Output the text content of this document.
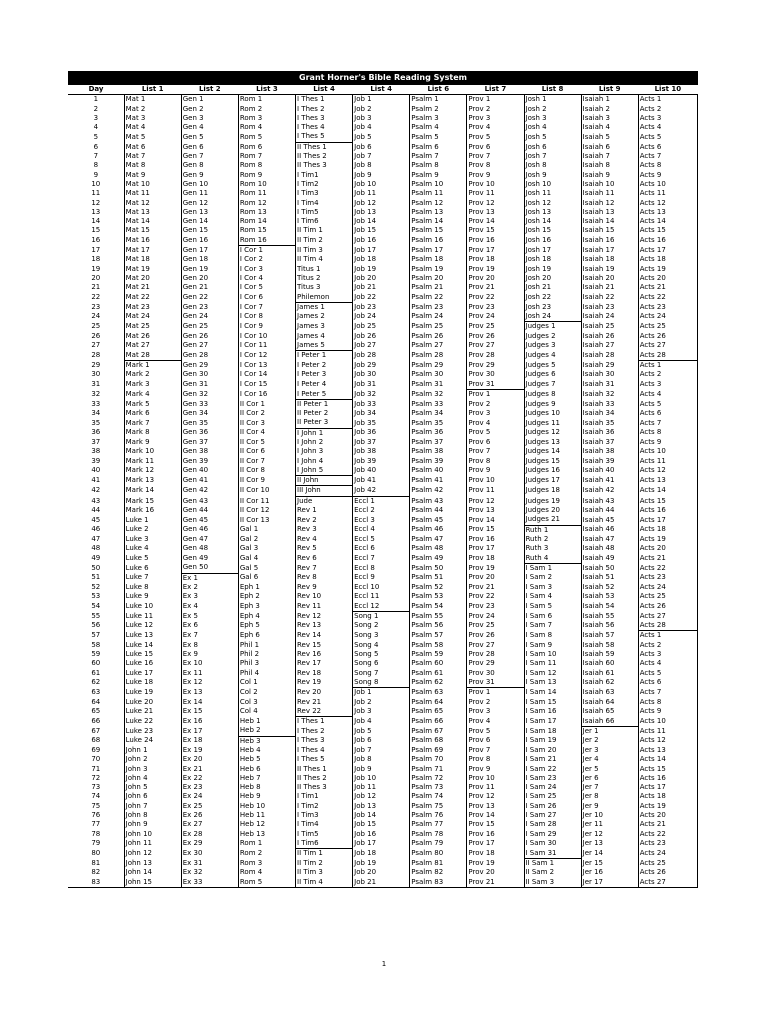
Grant Horner's Bible Reading System
Day	List 1	List 2	List 3	List 4	List 4	List 6	List 7	List 8	List 9	List 10
1	Mat 1	Gen 1	Rom 1	I Thes 1	Job 1	Psalm 1	Prov 1	Josh 1	Isaiah 1	Acts 1
2	Mat 2	Gen 2	Rom 2	I Thes 2	Job 2	Psalm 2	Prov 2	Josh 2	Isaiah 2	Acts 2
3	Mat 3	Gen 3	Rom 3	I Thes 3	Job 3	Psalm 3	Prov 3	Josh 3	Isaiah 3	Acts 3
4	Mat 4	Gen 4	Rom 4	I Thes 4	Job 4	Psalm 4	Prov 4	Josh 4	Isaiah 4	Acts 4
5	Mat 5	Gen 5	Rom 5	I Thes 5	Job 5	Psalm 5	Prov 5	Josh 5	Isaiah 5	Acts 5
6	Mat 6	Gen 6	Rom 6	II Thes 1	Job 6	Psalm 6	Prov 6	Josh 6	Isaiah 6	Acts 6
7	Mat 7	Gen 7	Rom 7	II Thes 2	Job 7	Psalm 7	Prov 7	Josh 7	Isaiah 7	Acts 7
8	Mat 8	Gen 8	Rom 8	II Thes 3	Job 8	Psalm 8	Prov 8	Josh 8	Isaiah 8	Acts 8
9	Mat 9	Gen 9	Rom 9	I Tim1	Job 9	Psalm 9	Prov 9	Josh 9	Isaiah 9	Acts 9
10	Mat 10	Gen 10	Rom 10	I Tim2	Job 10	Psalm 10	Prov 10	Josh 10	Isaiah 10	Acts 10
11	Mat 11	Gen 11	Rom 11	I Tim3	Job 11	Psalm 11	Prov 11	Josh 11	Isaiah 11	Acts 11
12	Mat 12	Gen 12	Rom 12	I Tim4	Job 12	Psalm 12	Prov 12	Josh 12	Isaiah 12	Acts 12
13	Mat 13	Gen 13	Rom 13	I Tim5	Job 13	Psalm 13	Prov 13	Josh 13	Isaiah 13	Acts 13
14	Mat 14	Gen 14	Rom 14	I Tim6	Job 14	Psalm 14	Prov 14	Josh 14	Isaiah 14	Acts 14
15	Mat 15	Gen 15	Rom 15	II Tim 1	Job 15	Psalm 15	Prov 15	Josh 15	Isaiah 15	Acts 15
16	Mat 16	Gen 16	Rom 16	II Tim 2	Job 16	Psalm 16	Prov 16	Josh 16	Isaiah 16	Acts 16
17	Mat 17	Gen 17	I Cor 1	II Tim 3	Job 17	Psalm 17	Prov 17	Josh 17	Isaiah 17	Acts 17
18	Mat 18	Gen 18	I Cor 2	II Tim 4	Job 18	Psalm 18	Prov 18	Josh 18	Isaiah 18	Acts 18
19	Mat 19	Gen 19	I Cor 3	Titus 1	Job 19	Psalm 19	Prov 19	Josh 19	Isaiah 19	Acts 19
20	Mat 20	Gen 20	I Cor 4	Titus 2	Job 20	Psalm 20	Prov 20	Josh 20	Isaiah 20	Acts 20
21	Mat 21	Gen 21	I Cor 5	Titus 3	Job 21	Psalm 21	Prov 21	Josh 21	Isaiah 21	Acts 21
22	Mat 22	Gen 22	I Cor 6	Philemon	Job 22	Psalm 22	Prov 22	Josh 22	Isaiah 22	Acts 22
23	Mat 23	Gen 23	I Cor 7	James 1	Job 23	Psalm 23	Prov 23	Josh 23	Isaiah 23	Acts 23
24	Mat 24	Gen 24	I Cor 8	James 2	Job 24	Psalm 24	Prov 24	Josh 24	Isaiah 24	Acts 24
25	Mat 25	Gen 25	I Cor 9	James 3	Job 25	Psalm 25	Prov 25	Judges 1	Isaiah 25	Acts 25
26	Mat 26	Gen 26	I Cor 10	James 4	Job 26	Psalm 26	Prov 26	Judges 2	Isaiah 26	Acts 26
27	Mat 27	Gen 27	I Cor 11	James 5	Job 27	Psalm 27	Prov 27	Judges 3	Isaiah 27	Acts 27
28	Mat 28	Gen 28	I Cor 12	I Peter 1	Job 28	Psalm 28	Prov 28	Judges 4	Isaiah 28	Acts 28
29	Mark 1	Gen 29	I Cor 13	I Peter 2	Job 29	Psalm 29	Prov 29	Judges 5	Isaiah 29	Acts 1
30	Mark 2	Gen 30	I Cor 14	I Peter 3	Job 30	Psalm 30	Prov 30	Judges 6	Isaiah 30	Acts 2
31	Mark 3	Gen 31	I Cor 15	I Peter 4	Job 31	Psalm 31	Prov 31	Judges 7	Isaiah 31	Acts 3
32	Mark 4	Gen 32	I Cor 16	I Peter 5	Job 32	Psalm 32	Prov 1	Judges 8	Isaiah 32	Acts 4
33	Mark 5	Gen 33	II Cor 1	II Peter 1	Job 33	Psalm 33	Prov 2	Judges 9	Isaiah 33	Acts 5
34	Mark 6	Gen 34	II Cor 2	II Peter 2	Job 34	Psalm 34	Prov 3	Judges 10	Isaiah 34	Acts 6
35	Mark 7	Gen 35	II Cor 3	II Peter 3	Job 35	Psalm 35	Prov 4	Judges 11	Isaiah 35	Acts 7
36	Mark 8	Gen 36	II Cor 4	I John 1	Job 36	Psalm 36	Prov 5	Judges 12	Isaiah 36	Acts 8
37	Mark 9	Gen 37	II Cor 5	I John 2	Job 37	Psalm 37	Prov 6	Judges 13	Isaiah 37	Acts 9
38	Mark 10	Gen 38	II Cor 6	I John 3	Job 38	Psalm 38	Prov 7	Judges 14	Isaiah 38	Acts 10
39	Mark 11	Gen 39	II Cor 7	I John 4	Job 39	Psalm 39	Prov 8	Judges 15	Isaiah 39	Acts 11
40	Mark 12	Gen 40	II Cor 8	I John 5	Job 40	Psalm 40	Prov 9	Judges 16	Isaiah 40	Acts 12
41	Mark 13	Gen 41	II Cor 9	II John	Job 41	Psalm 41	Prov 10	Judges 17	Isaiah 41	Acts 13
42	Mark 14	Gen 42	II Cor 10	III John	Job 42	Psalm 42	Prov 11	Judges 18	Isaiah 42	Acts 14
43	Mark 15	Gen 43	II Cor 11	Jude	Eccl 1	Psalm 43	Prov 12	Judges 19	Isaiah 43	Acts 15
44	Mark 16	Gen 44	II Cor 12	Rev 1	Eccl 2	Psalm 44	Prov 13	Judges 20	Isaiah 44	Acts 16
45	Luke 1	Gen 45	II Cor 13	Rev 2	Eccl 3	Psalm 45	Prov 14	Judges 21	Isaiah 45	Acts 17
46	Luke 2	Gen 46	Gal 1	Rev 3	Eccl 4	Psalm 46	Prov 15	Ruth 1	Isaiah 46	Acts 18
47	Luke 3	Gen 47	Gal 2	Rev 4	Eccl 5	Psalm 47	Prov 16	Ruth 2	Isaiah 47	Acts 19
48	Luke 4	Gen 48	Gal 3	Rev 5	Eccl 6	Psalm 48	Prov 17	Ruth 3	Isaiah 48	Acts 20
49	Luke 5	Gen 49	Gal 4	Rev 6	Eccl 7	Psalm 49	Prov 18	Ruth 4	Isaiah 49	Acts 21
50	Luke 6	Gen 50	Gal 5	Rev 7	Eccl 8	Psalm 50	Prov 19	I Sam 1	Isaiah 50	Acts 22
51	Luke 7	Ex 1	Gal 6	Rev 8	Eccl 9	Psalm 51	Prov 20	I Sam 2	Isaiah 51	Acts 23
52	Luke 8	Ex 2	Eph 1	Rev 9	Eccl 10	Psalm 52	Prov 21	I Sam 3	Isaiah 52	Acts 24
53	Luke 9	Ex 3	Eph 2	Rev 10	Eccl 11	Psalm 53	Prov 22	I Sam 4	Isaiah 53	Acts 25
54	Luke 10	Ex 4	Eph 3	Rev 11	Eccl 12	Psalm 54	Prov 23	I Sam 5	Isaiah 54	Acts 26
55	Luke 11	Ex 5	Eph 4	Rev 12	Song 1	Psalm 55	Prov 24	I Sam 6	Isaiah 55	Acts 27
56	Luke 12	Ex 6	Eph 5	Rev 13	Song 2	Psalm 56	Prov 25	I Sam 7	Isaiah 56	Acts 28
57	Luke 13	Ex 7	Eph 6	Rev 14	Song 3	Psalm 57	Prov 26	I Sam 8	Isaiah 57	Acts 1
58	Luke 14	Ex 8	Phil 1	Rev 15	Song 4	Psalm 58	Prov 27	I Sam 9	Isaiah 58	Acts 2
59	Luke 15	Ex 9	Phil 2	Rev 16	Song 5	Psalm 59	Prov 28	I Sam 10	Isaiah 59	Acts 3
60	Luke 16	Ex 10	Phil 3	Rev 17	Song 6	Psalm 60	Prov 29	I Sam 11	Isaiah 60	Acts 4
61	Luke 17	Ex 11	Phil 4	Rev 18	Song 7	Psalm 61	Prov 30	I Sam 12	Isaiah 61	Acts 5
62	Luke 18	Ex 12	Col 1	Rev 19	Song 8	Psalm 62	Prov 31	I Sam 13	Isaiah 62	Acts 6
63	Luke 19	Ex 13	Col 2	Rev 20	Job 1	Psalm 63	Prov 1	I Sam 14	Isaiah 63	Acts 7
64	Luke 20	Ex 14	Col 3	Rev 21	Job 2	Psalm 64	Prov 2	I Sam 15	Isaiah 64	Acts 8
65	Luke 21	Ex 15	Col 4	Rev 22	Job 3	Psalm 65	Prov 3	I Sam 16	Isaiah 65	Acts 9
66	Luke 22	Ex 16	Heb 1	I Thes 1	Job 4	Psalm 66	Prov 4	I Sam 17	Isaiah 66	Acts 10
67	Luke 23	Ex 17	Heb 2	I Thes 2	Job 5	Psalm 67	Prov 5	I Sam 18	Jer 1	Acts 11
68	Luke 24	Ex 18	Heb 3	I Thes 3	Job 6	Psalm 68	Prov 6	I Sam 19	Jer 2	Acts 12
69	John 1	Ex 19	Heb 4	I Thes 4	Job 7	Psalm 69	Prov 7	I Sam 20	Jer 3	Acts 13
70	John 2	Ex 20	Heb 5	I Thes 5	Job 8	Psalm 70	Prov 8	I Sam 21	Jer 4	Acts 14
71	John 3	Ex 21	Heb 6	II Thes 1	Job 9	Psalm 71	Prov 9	I Sam 22	Jer 5	Acts 15
72	John 4	Ex 22	Heb 7	II Thes 2	Job 10	Psalm 72	Prov 10	I Sam 23	Jer 6	Acts 16
73	John 5	Ex 23	Heb 8	II Thes 3	Job 11	Psalm 73	Prov 11	I Sam 24	Jer 7	Acts 17
74	John 6	Ex 24	Heb 9	I Tim1	Job 12	Psalm 74	Prov 12	I Sam 25	Jer 8	Acts 18
75	John 7	Ex 25	Heb 10	I Tim2	Job 13	Psalm 75	Prov 13	I Sam 26	Jer 9	Acts 19
76	John 8	Ex 26	Heb 11	I Tim3	Job 14	Psalm 76	Prov 14	I Sam 27	Jer 10	Acts 20
77	John 9	Ex 27	Heb 12	I Tim4	Job 15	Psalm 77	Prov 15	I Sam 28	Jer 11	Acts 21
78	John 10	Ex 28	Heb 13	I Tim5	Job 16	Psalm 78	Prov 16	I Sam 29	Jer 12	Acts 22
79	John 11	Ex 29	Rom 1	I Tim6	Job 17	Psalm 79	Prov 17	I Sam 30	Jer 13	Acts 23
80	John 12	Ex 30	Rom 2	II Tim 1	Job 18	Psalm 80	Prov 18	I Sam 31	Jer 14	Acts 24
81	John 13	Ex 31	Rom 3	II Tim 2	Job 19	Psalm 81	Prov 19	II Sam 1	Jer 15	Acts 25
82	John 14	Ex 32	Rom 4	II Tim 3	Job 20	Psalm 82	Prov 20	II Sam 2	Jer 16	Acts 26
83	John 15	Ex 33	Rom 5	II Tim 4	Job 21	Psalm 83	Prov 21	II Sam 3	Jer 17	Acts 27
1
